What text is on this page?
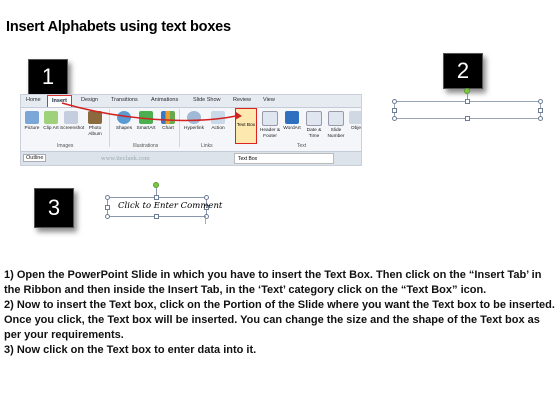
Insert Alphabets using text boxes
1	2
3
Home	Insert	Design Transitions Animations	Slide Show Review View
Picture Clip Art Screenshot Photo Album
Shapes SmartArt	Chart	Hyperlink	Action
Text Box
Header & Footer
WordArt	Date & Time
Slide Number
Obje
Images	Illustrations	Links	Text
Outline	www.iteclank.com	Text Box
Click to Enter Comment

1) Open the PowerPoint Slide in which you have to insert the Text Box. Then click on the “Insert Tab’ in the Ribbon and then inside the Insert Tab, in the ‘Text’ category click on the “Text Box” icon.

2) Now to insert the Text box, click on the Portion of the Slide where you want the Text box to be inserted. Once you click, the Text box will be inserted. You can change the size and the shape of the Text box as per your requirements.

3) Now click on the Text box to enter data into it.
